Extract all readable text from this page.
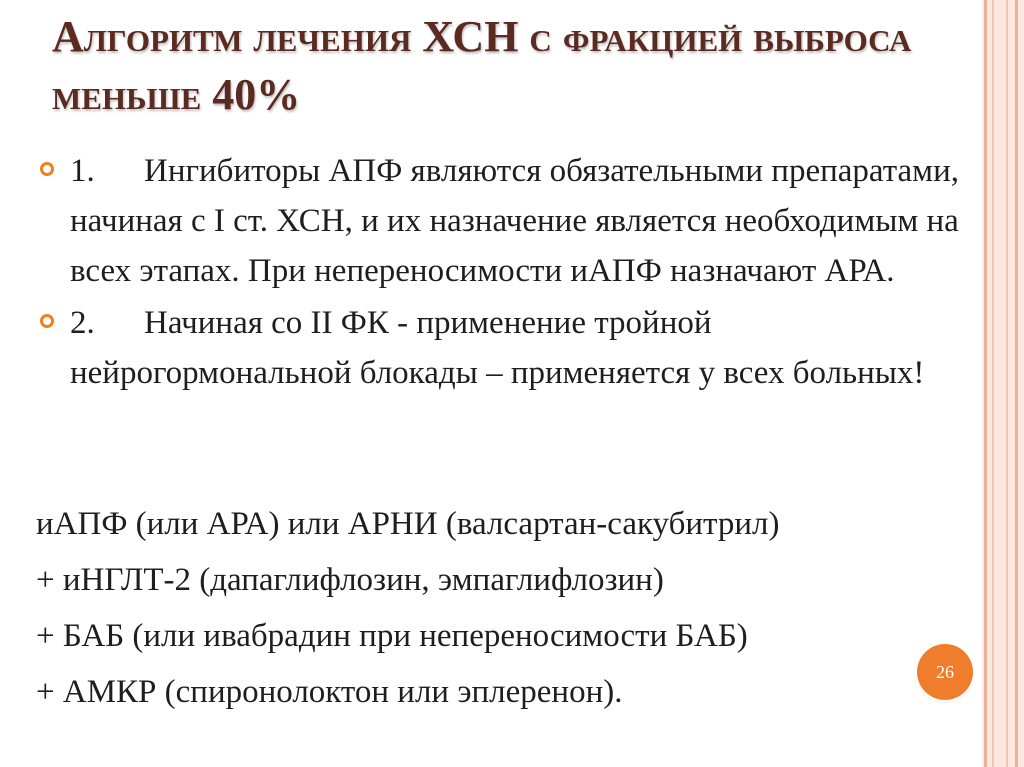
Алгоритм лечения ХСН с фракцией выброса меньше 40%
1. Ингибиторы АПФ являются обязательными препаратами, начиная с I ст. ХСН, и их назначение является необходимым на всех этапах. При непереносимости иАПФ назначают АРА.
2. Начиная со II ФК - применение тройной нейрогормональной блокады – применяется у всех больных!
иАПФ (или АРА) или АРНИ (валсартан-сакубитрил)
+ иНГЛТ-2 (дапаглифлозин, эмпаглифлозин)
+ БАБ (или ивабрадин при непереносимости БАБ)
+ АМКР (спиронолоктон или эплеренон).
26
